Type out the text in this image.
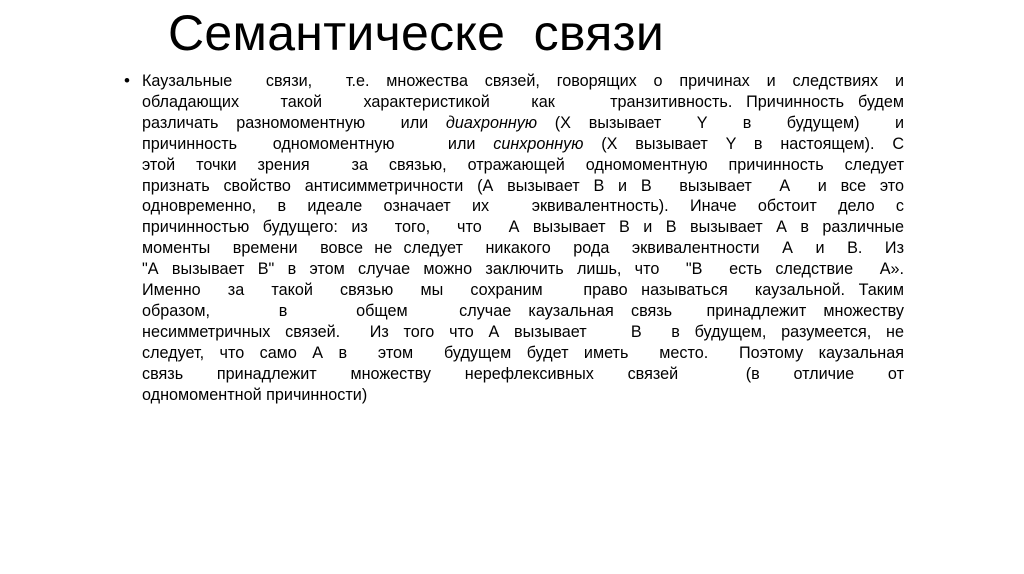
Семантическе  связи
• Каузальные  связи,  т.е. множества связей, говорящих о причинах и следствиях и
обладающих   такой   характеристикой   как    транзитивность. Причинность будем
различать разномоментную  или диахронную (Х вызывает  Y  в  будущем)  и
причинность  одномоментную   или синхронную (Х вызывает Y в настоящем). С
этой точки зрения  за связью, отражающей одномоментную причинность следует
признать свойство антисимметричности (А вызывает В и В  вызывает  А  и все это
одновременно, в идеале означает их  эквивалентность). Иначе обстоит дело с
причинностью будущего: из  того,  что  А вызывает В и В вызывает А в различные
моменты  времени  вовсе не следует  никакого  рода  эквивалентности  А  и  В.  Из
"А вызывает В" в этом случае можно заключить лишь, что  "В  есть следствие  А».
Именно  за  такой  связью  мы  сохраним   право называться  каузальной. Таким
образом,    в    общем   случае каузальная связь  принадлежит множеству
несимметричных связей.  Из того что А вызывает   В  в будущем, разумеется, не
следует, что само А в  этом  будущем будет иметь  место.  Поэтому каузальная
связь принадлежит множеству нерефлексивных связей  (в отличие от
одномоментной причинности)
